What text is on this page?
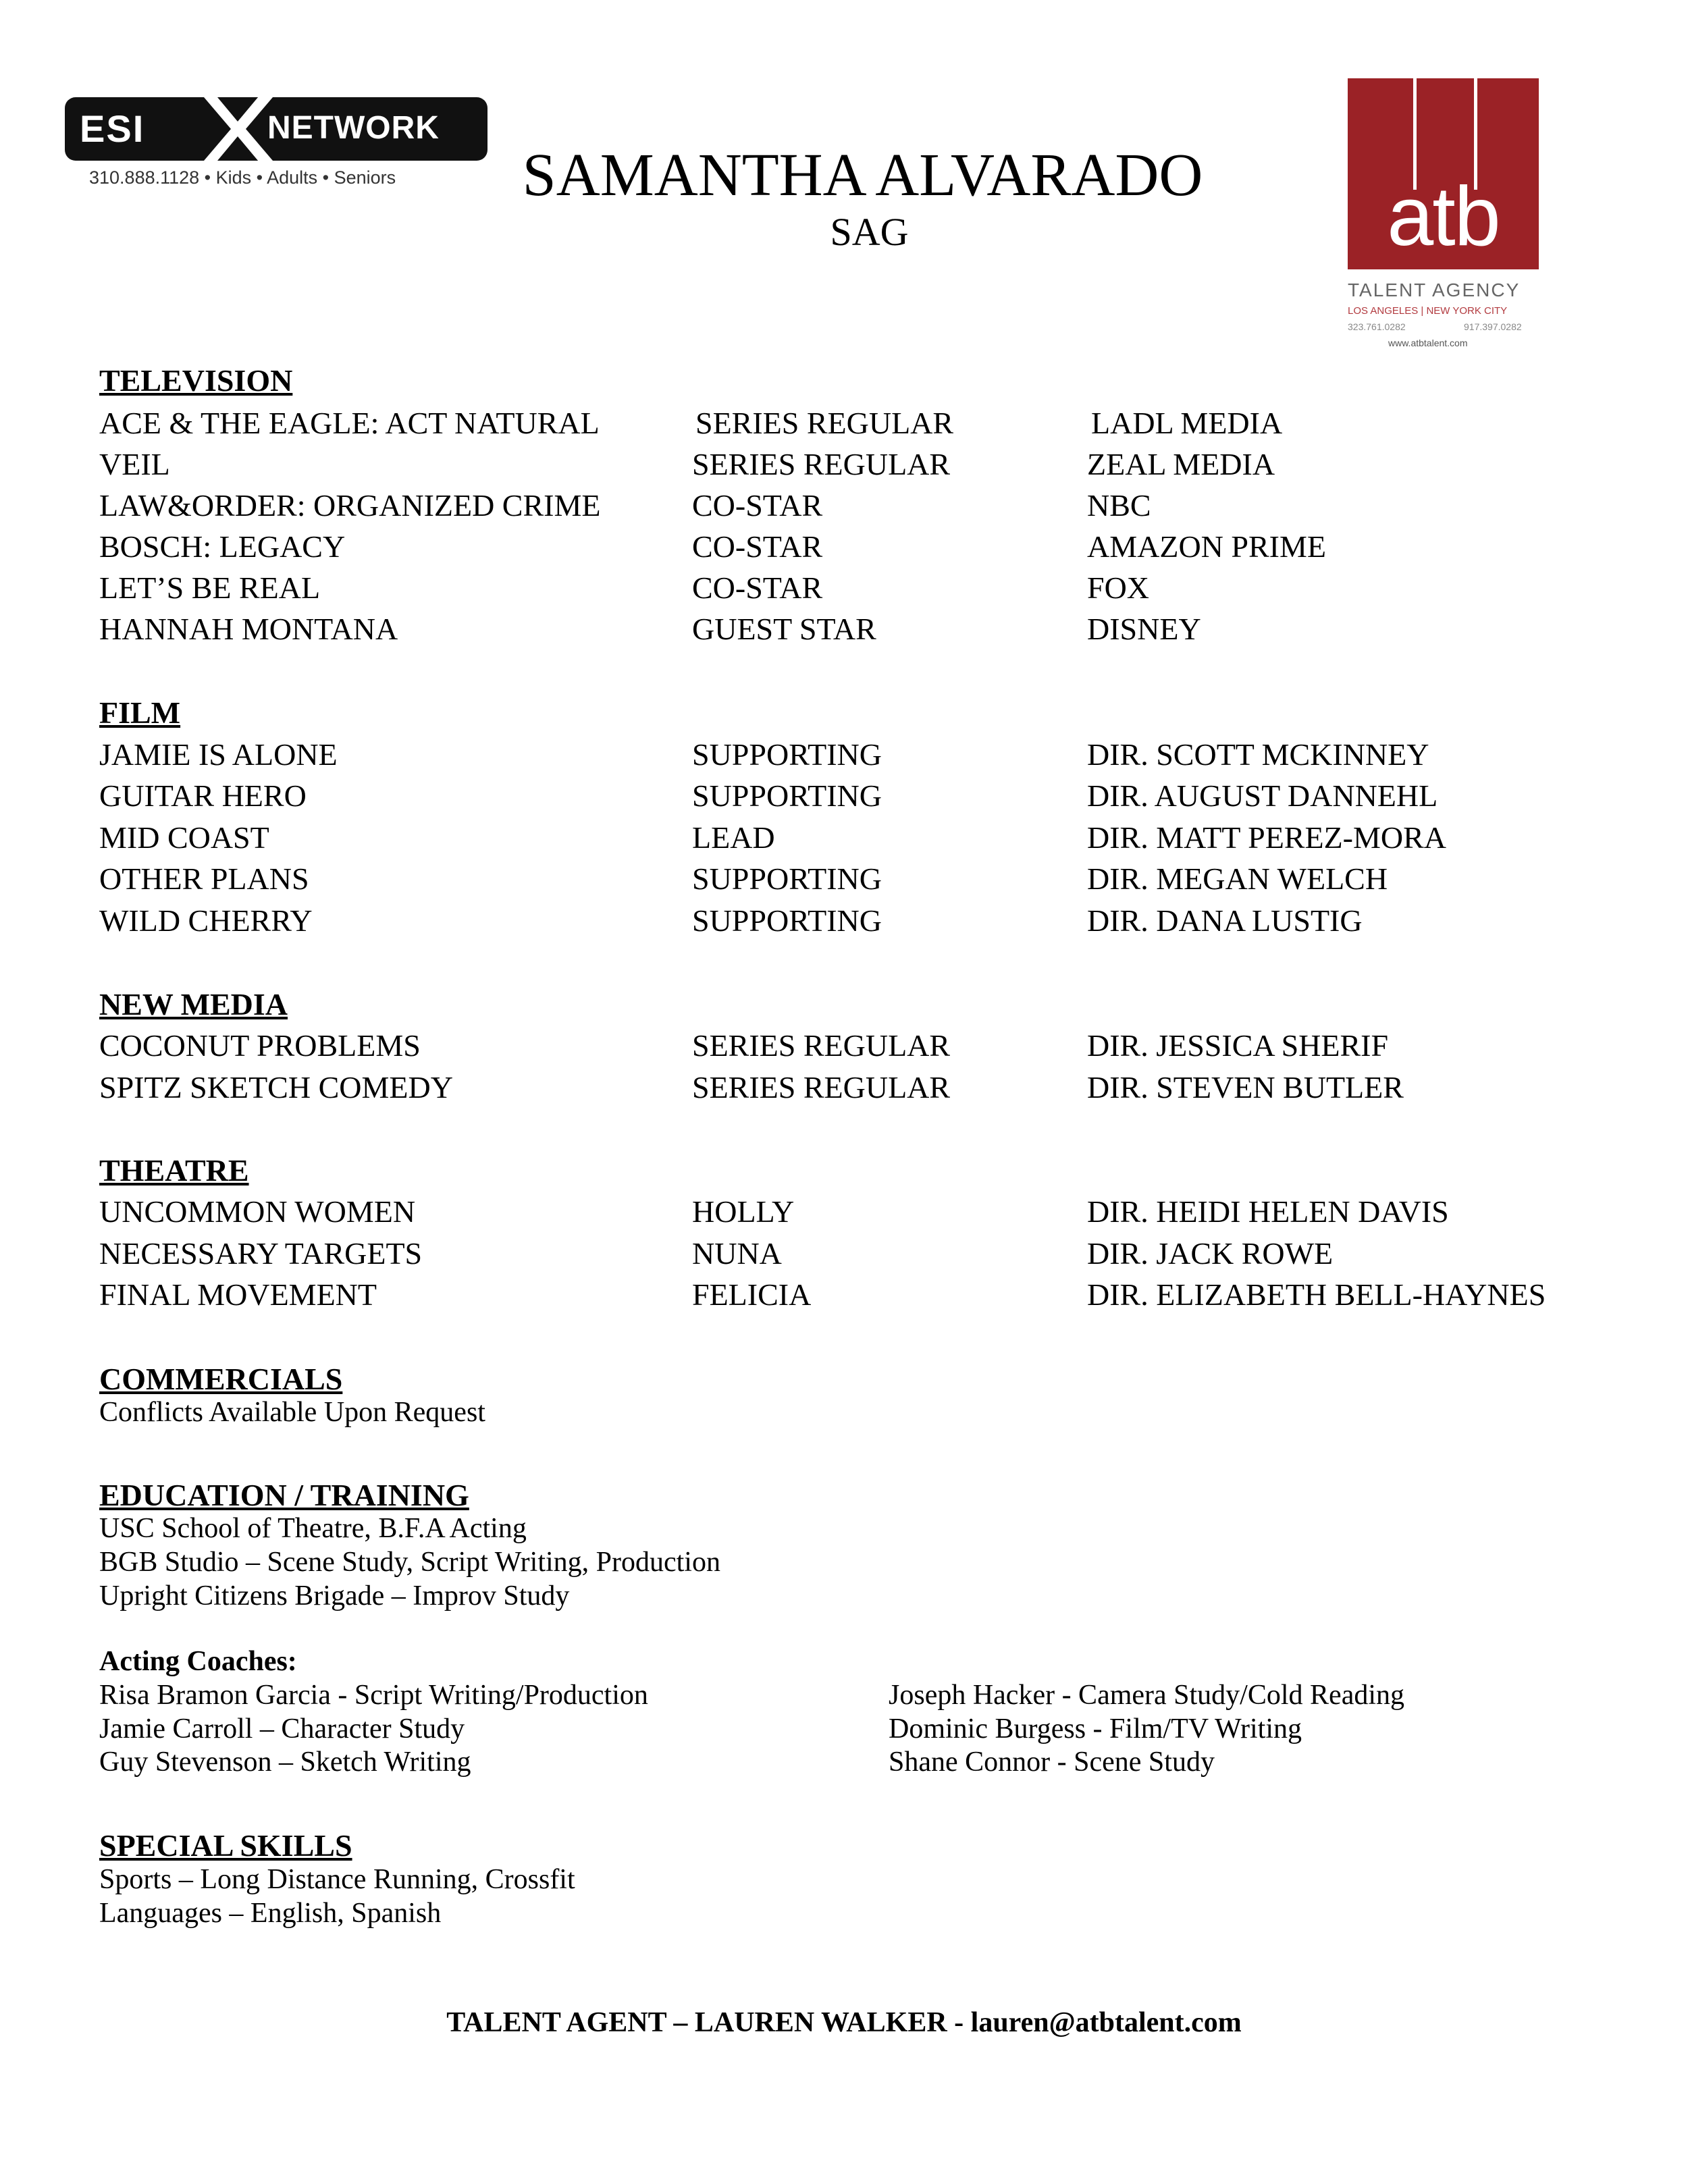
ESI	NETWORK
310.888.1128 • Kids • Adults • Seniors	SAMANTHA ALVARADO
SAG	atb
TALENT AGENCY
LOS ANGELES | NEW YORK CITY
323.761.0282	917.397.0282
www.atbtalent.com
TELEVISION
ACE & THE EAGLE: ACT NATURAL	SERIES REGULAR	LADL MEDIA
VEIL	SERIES REGULAR	ZEAL MEDIA
LAW&ORDER: ORGANIZED CRIME	CO-STAR	NBC
BOSCH: LEGACY	CO-STAR	AMAZON PRIME
LET’S BE REAL	CO-STAR	FOX
HANNAH MONTANA	GUEST STAR	DISNEY
FILM
JAMIE IS ALONE	SUPPORTING	DIR. SCOTT MCKINNEY
GUITAR HERO	SUPPORTING	DIR. AUGUST DANNEHL
MID COAST	LEAD	DIR. MATT PEREZ-MORA
OTHER PLANS	SUPPORTING	DIR. MEGAN WELCH
WILD CHERRY	SUPPORTING	DIR. DANA LUSTIG
NEW MEDIA
COCONUT PROBLEMS	SERIES REGULAR	DIR. JESSICA SHERIF
SPITZ SKETCH COMEDY	SERIES REGULAR	DIR. STEVEN BUTLER
THEATRE
UNCOMMON WOMEN	HOLLY	DIR. HEIDI HELEN DAVIS
NECESSARY TARGETS	NUNA	DIR. JACK ROWE
FINAL MOVEMENT	FELICIA	DIR. ELIZABETH BELL-HAYNES
COMMERCIALS
Conflicts Available Upon Request
EDUCATION / TRAINING
USC School of Theatre, B.F.A Acting
BGB Studio – Scene Study, Script Writing, Production
Upright Citizens Brigade – Improv Study
Acting Coaches:
Risa Bramon Garcia - Script Writing/Production
Jamie Carroll – Character Study
Guy Stevenson – Sketch Writing
Joseph Hacker - Camera Study/Cold Reading
Dominic Burgess - Film/TV Writing
Shane Connor - Scene Study
SPECIAL SKILLS
Sports – Long Distance Running, Crossfit
Languages – English, Spanish
TALENT AGENT – LAUREN WALKER - lauren@atbtalent.com
